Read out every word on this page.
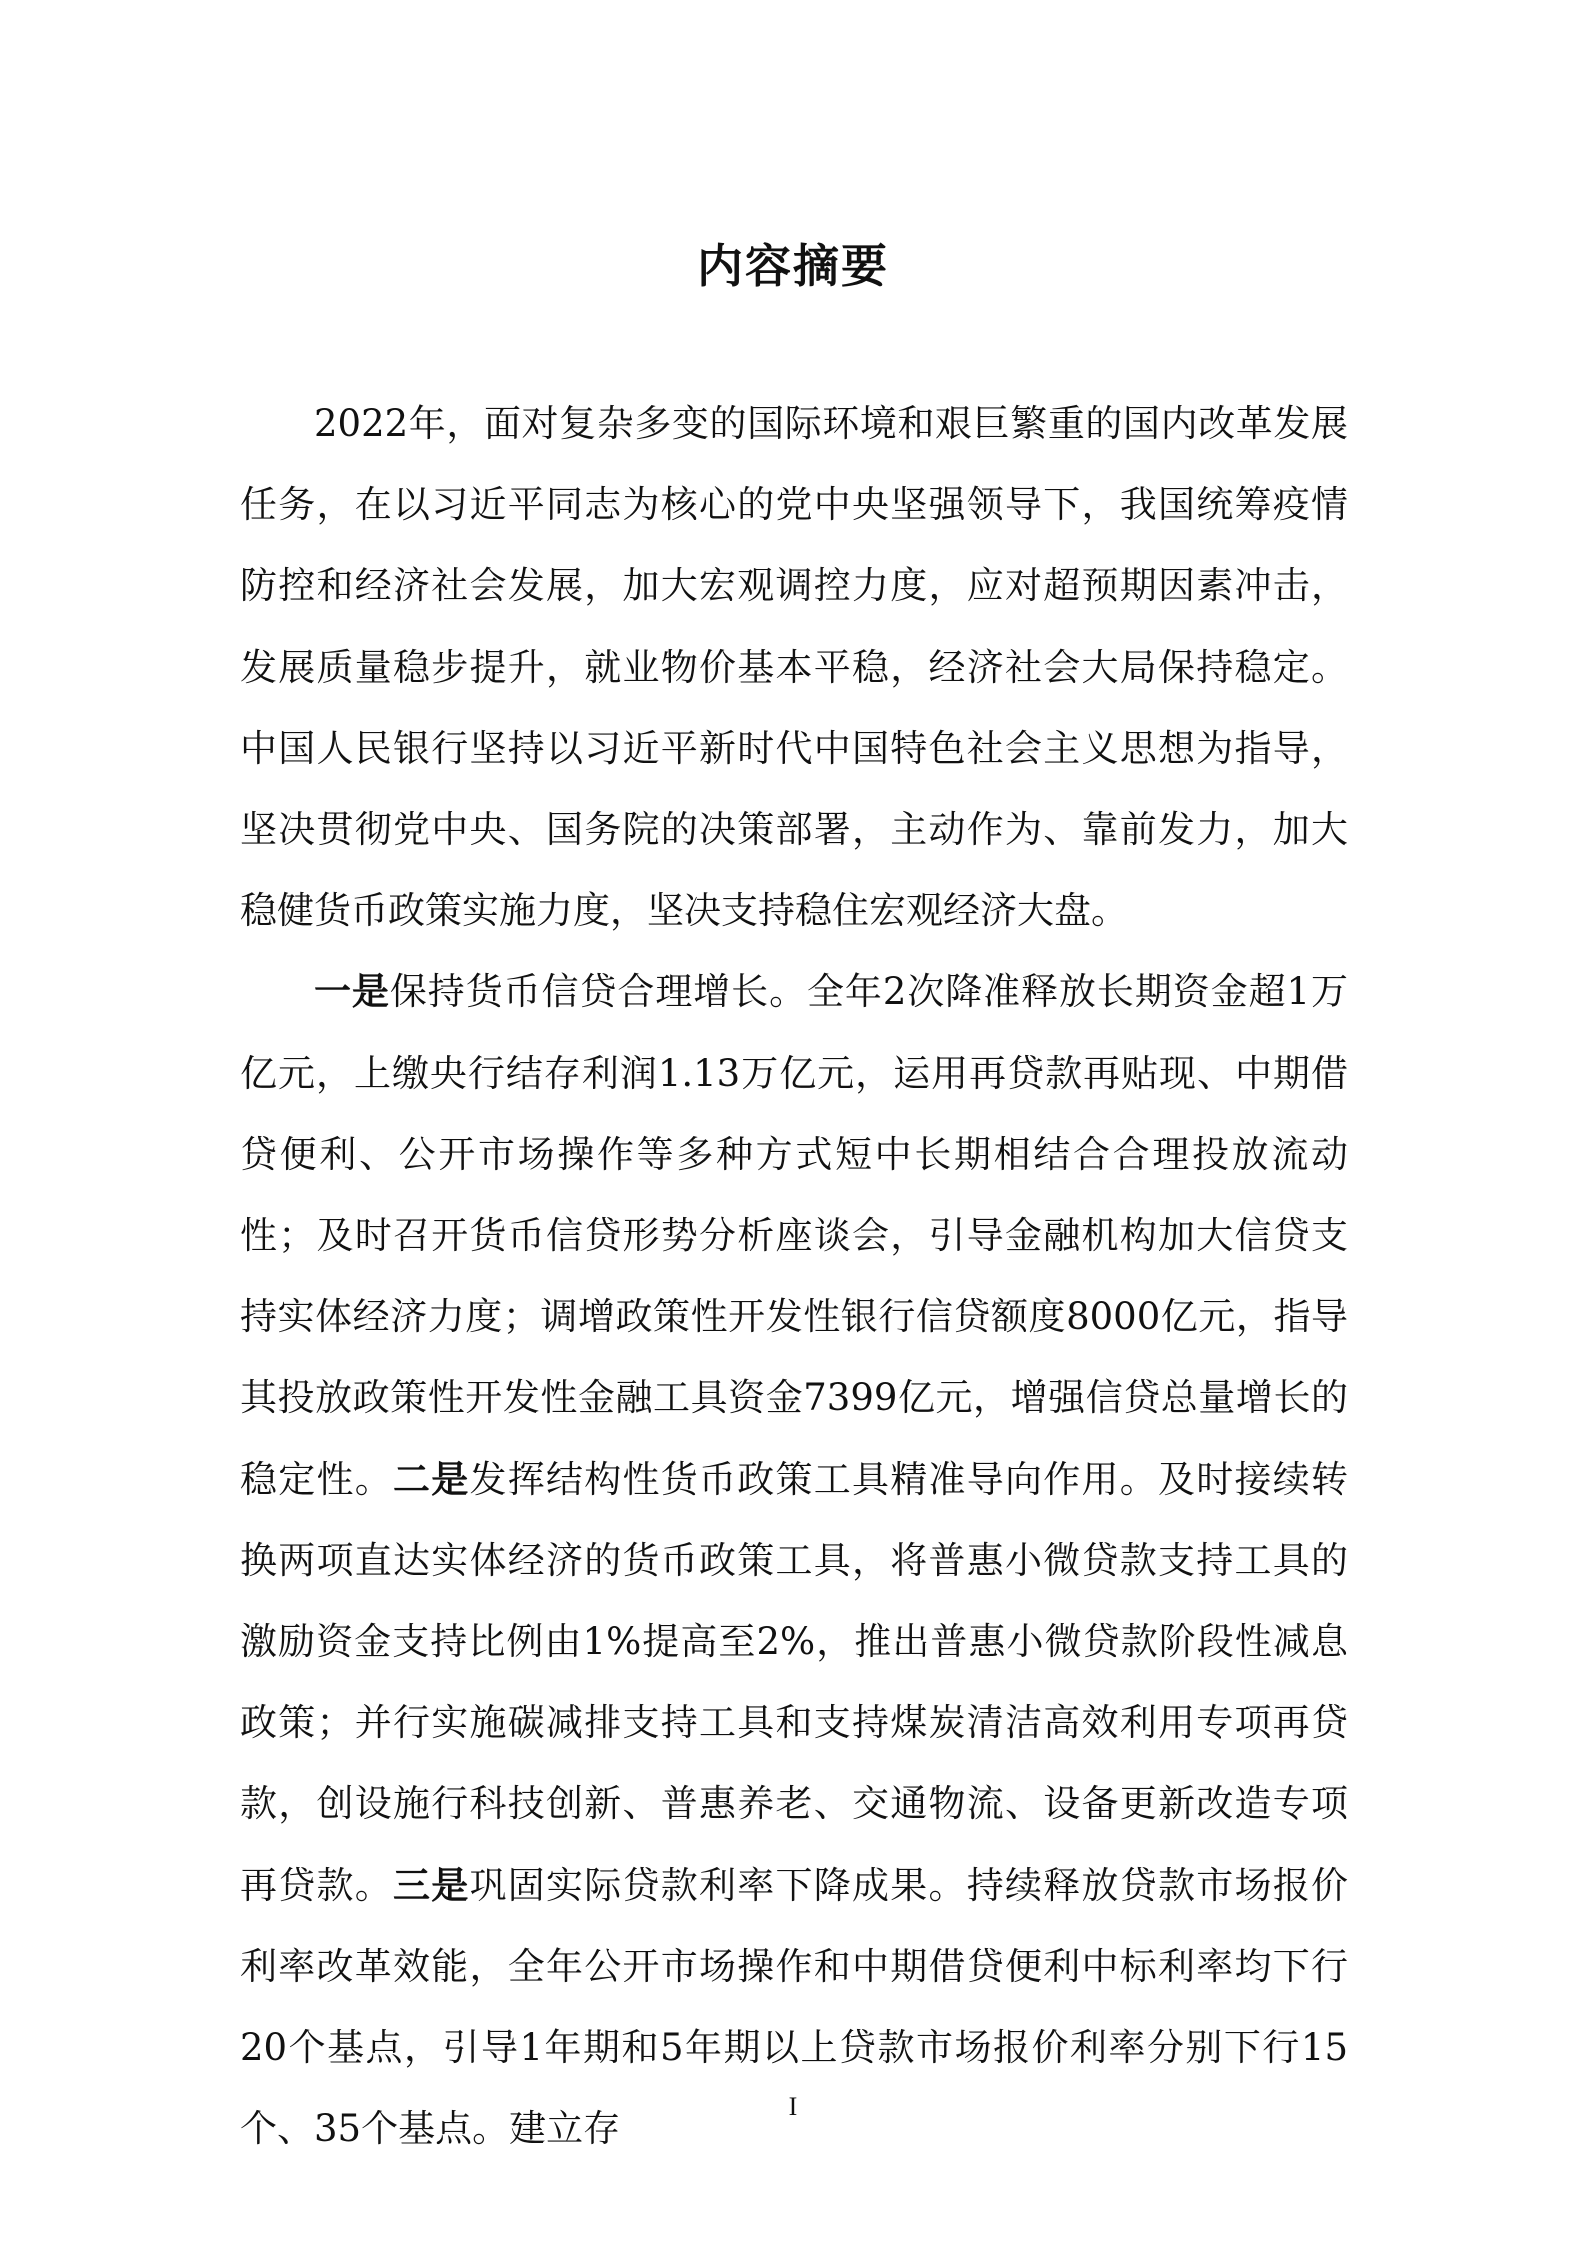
内容摘要

2022年，面对复杂多变的国际环境和艰巨繁重的国内改革发展任务，在以习近平同志为核心的党中央坚强领导下，我国统筹疫情防控和经济社会发展，加大宏观调控力度，应对超预期因素冲击，发展质量稳步提升，就业物价基本平稳，经济社会大局保持稳定。中国人民银行坚持以习近平新时代中国特色社会主义思想为指导，坚决贯彻党中央、国务院的决策部署，主动作为、靠前发力，加大稳健货币政策实施力度，坚决支持稳住宏观经济大盘。

一是保持货币信贷合理增长。全年2次降准释放长期资金超1万亿元，上缴央行结存利润1.13万亿元，运用再贷款再贴现、中期借贷便利、公开市场操作等多种方式短中长期相结合合理投放流动性；及时召开货币信贷形势分析座谈会，引导金融机构加大信贷支持实体经济力度；调增政策性开发性银行信贷额度8000亿元，指导其投放政策性开发性金融工具资金7399亿元，增强信贷总量增长的稳定性。二是发挥结构性货币政策工具精准导向作用。及时接续转换两项直达实体经济的货币政策工具，将普惠小微贷款支持工具的激励资金支持比例由1%提高至2%，推出普惠小微贷款阶段性减息政策；并行实施碳减排支持工具和支持煤炭清洁高效利用专项再贷款，创设施行科技创新、普惠养老、交通物流、设备更新改造专项再贷款。三是巩固实际贷款利率下降成果。持续释放贷款市场报价利率改革效能，全年公开市场操作和中期借贷便利中标利率均下行20个基点，引导1年期和5年期以上贷款市场报价利率分别下行15个、35个基点。建立存

I
